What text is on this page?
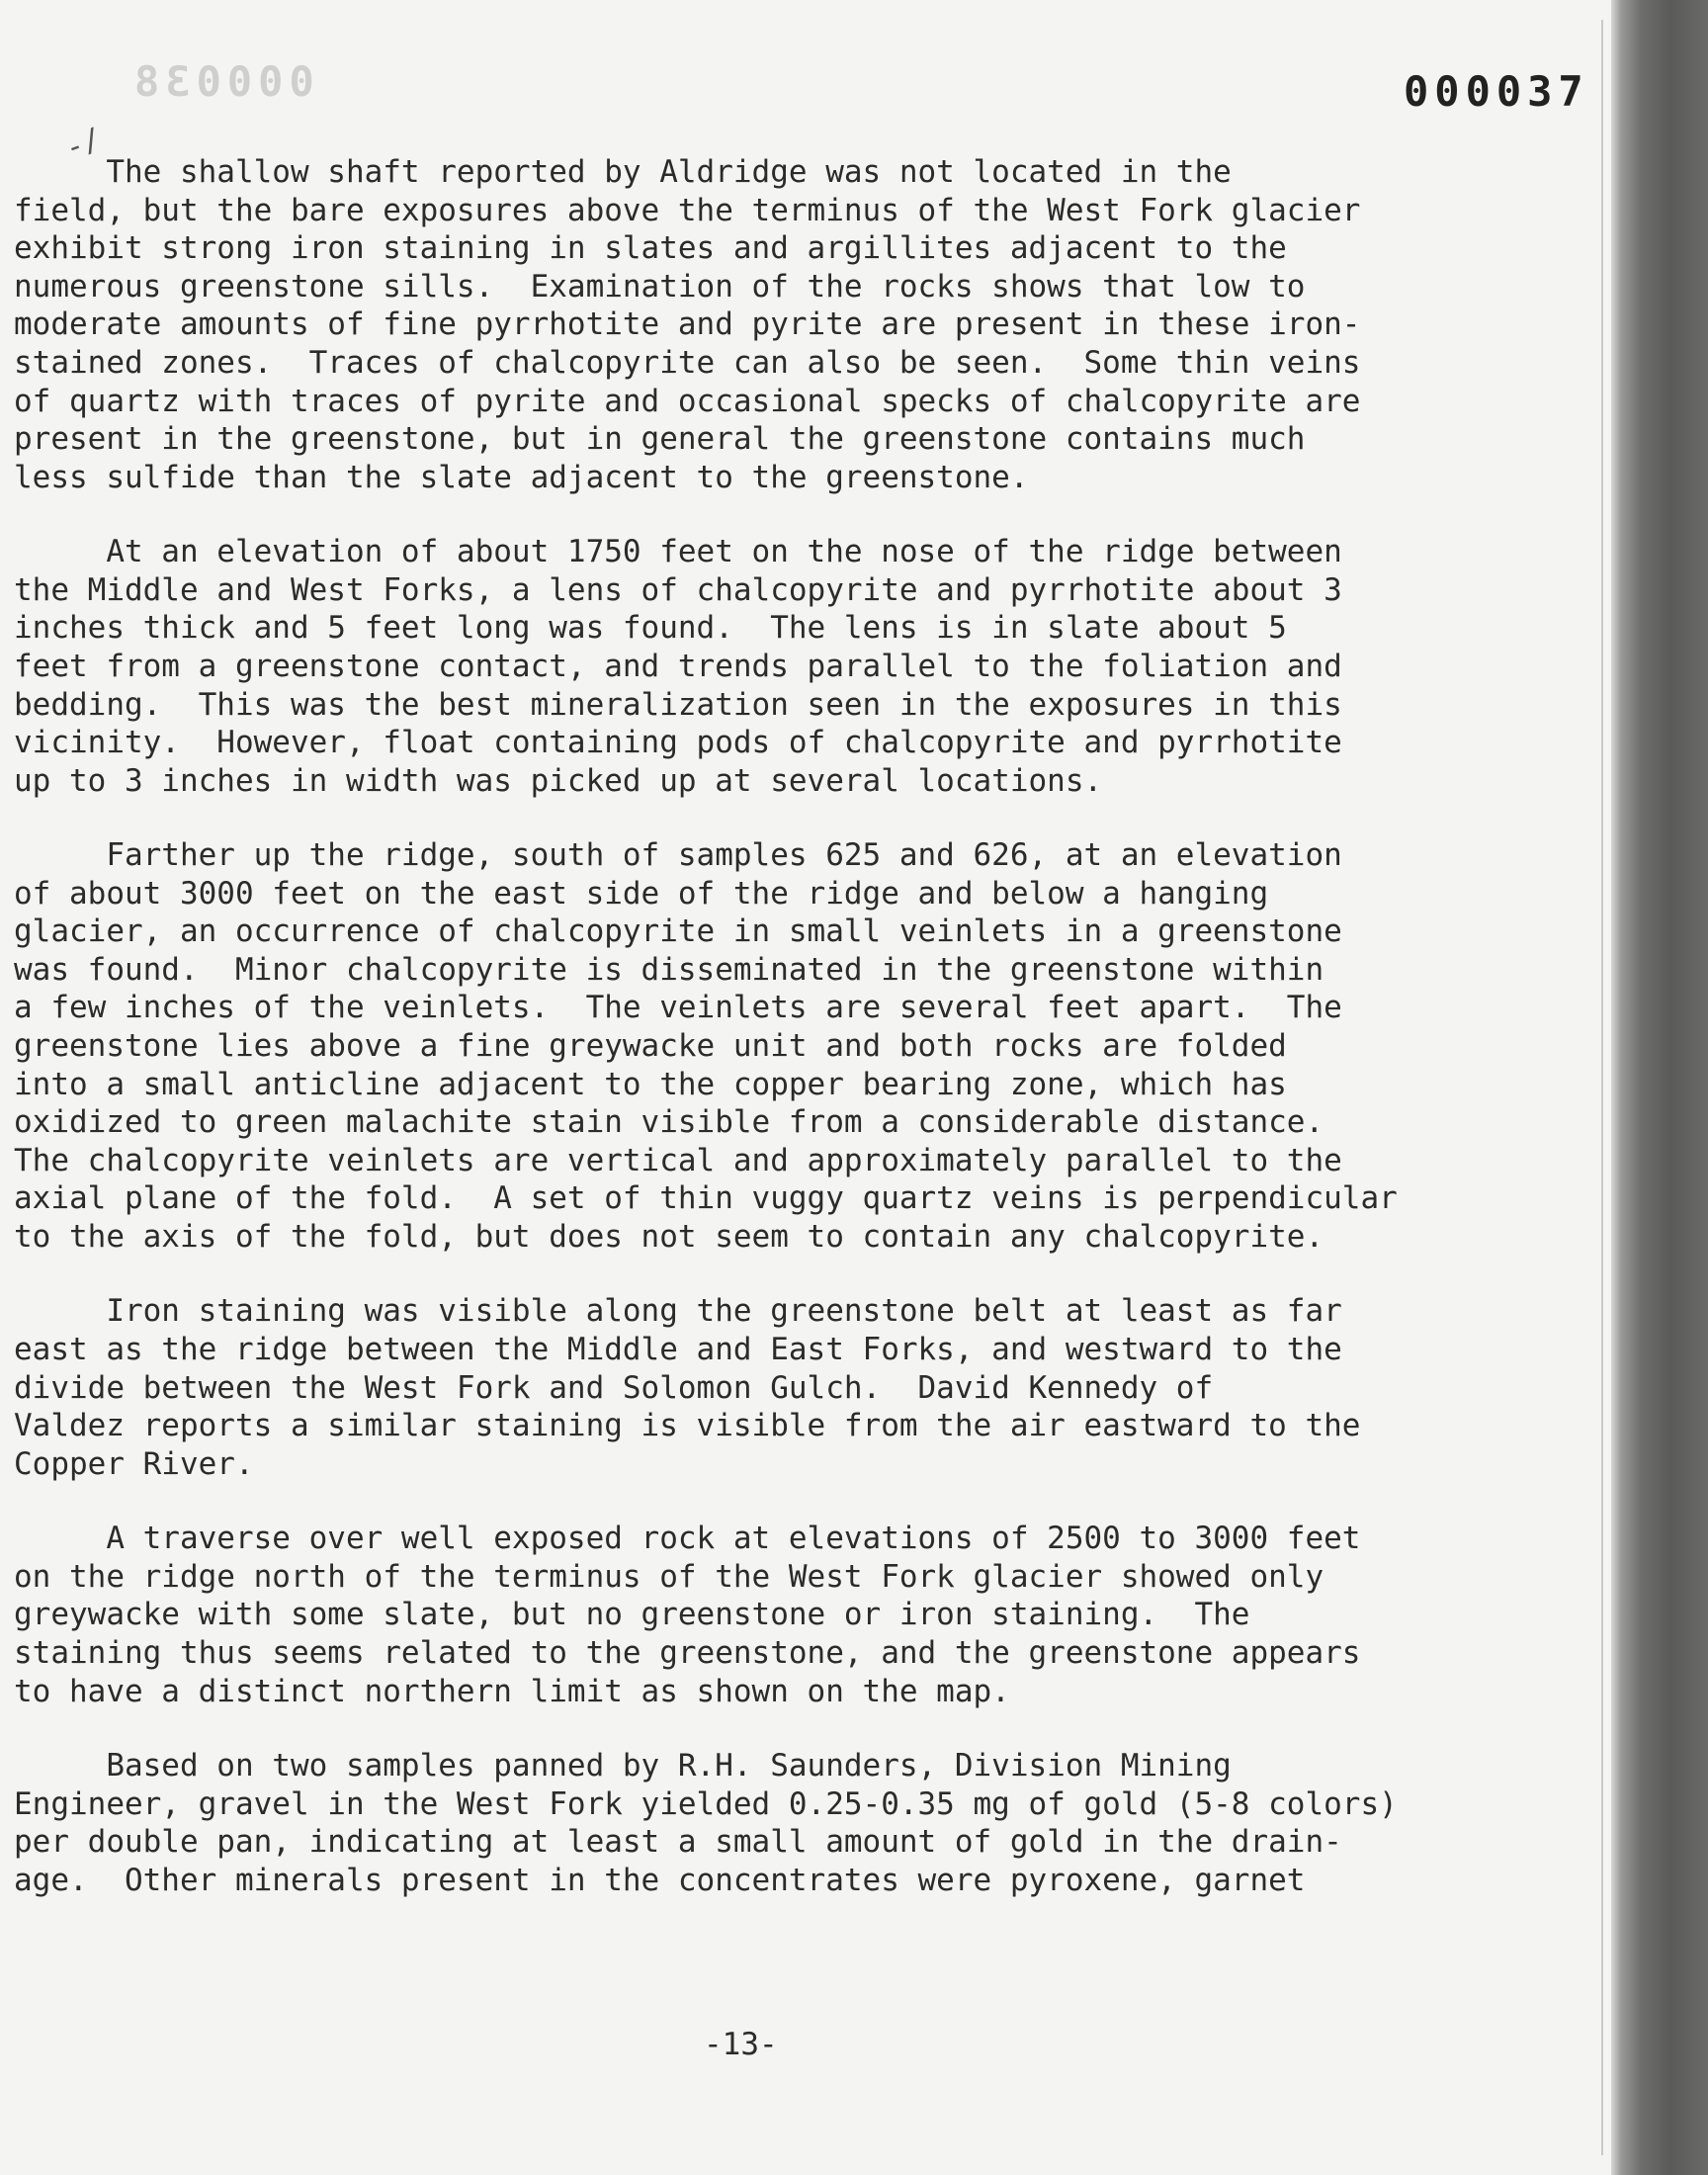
000038
-/
000037
The shallow shaft reported by Aldridge was not located in the
field, but the bare exposures above the terminus of the West Fork glacier
exhibit strong iron staining in slates and argillites adjacent to the
numerous greenstone sills.  Examination of the rocks shows that low to
moderate amounts of fine pyrrhotite and pyrite are present in these iron-
stained zones.  Traces of chalcopyrite can also be seen.  Some thin veins
of quartz with traces of pyrite and occasional specks of chalcopyrite are
present in the greenstone, but in general the greenstone contains much
less sulfide than the slate adjacent to the greenstone.
At an elevation of about 1750 feet on the nose of the ridge between
the Middle and West Forks, a lens of chalcopyrite and pyrrhotite about 3
inches thick and 5 feet long was found.  The lens is in slate about 5
feet from a greenstone contact, and trends parallel to the foliation and
bedding.  This was the best mineralization seen in the exposures in this
vicinity.  However, float containing pods of chalcopyrite and pyrrhotite
up to 3 inches in width was picked up at several locations.
Farther up the ridge, south of samples 625 and 626, at an elevation
of about 3000 feet on the east side of the ridge and below a hanging
glacier, an occurrence of chalcopyrite in small veinlets in a greenstone
was found.  Minor chalcopyrite is disseminated in the greenstone within
a few inches of the veinlets.  The veinlets are several feet apart.  The
greenstone lies above a fine greywacke unit and both rocks are folded
into a small anticline adjacent to the copper bearing zone, which has
oxidized to green malachite stain visible from a considerable distance.
The chalcopyrite veinlets are vertical and approximately parallel to the
axial plane of the fold.  A set of thin vuggy quartz veins is perpendicular
to the axis of the fold, but does not seem to contain any chalcopyrite.
Iron staining was visible along the greenstone belt at least as far
east as the ridge between the Middle and East Forks, and westward to the
divide between the West Fork and Solomon Gulch.  David Kennedy of
Valdez reports a similar staining is visible from the air eastward to the
Copper River.
A traverse over well exposed rock at elevations of 2500 to 3000 feet
on the ridge north of the terminus of the West Fork glacier showed only
greywacke with some slate, but no greenstone or iron staining.  The
staining thus seems related to the greenstone, and the greenstone appears
to have a distinct northern limit as shown on the map.
Based on two samples panned by R.H. Saunders, Division Mining
Engineer, gravel in the West Fork yielded 0.25-0.35 mg of gold (5-8 colors)
per double pan, indicating at least a small amount of gold in the drain-
age.  Other minerals present in the concentrates were pyroxene, garnet
-13-
